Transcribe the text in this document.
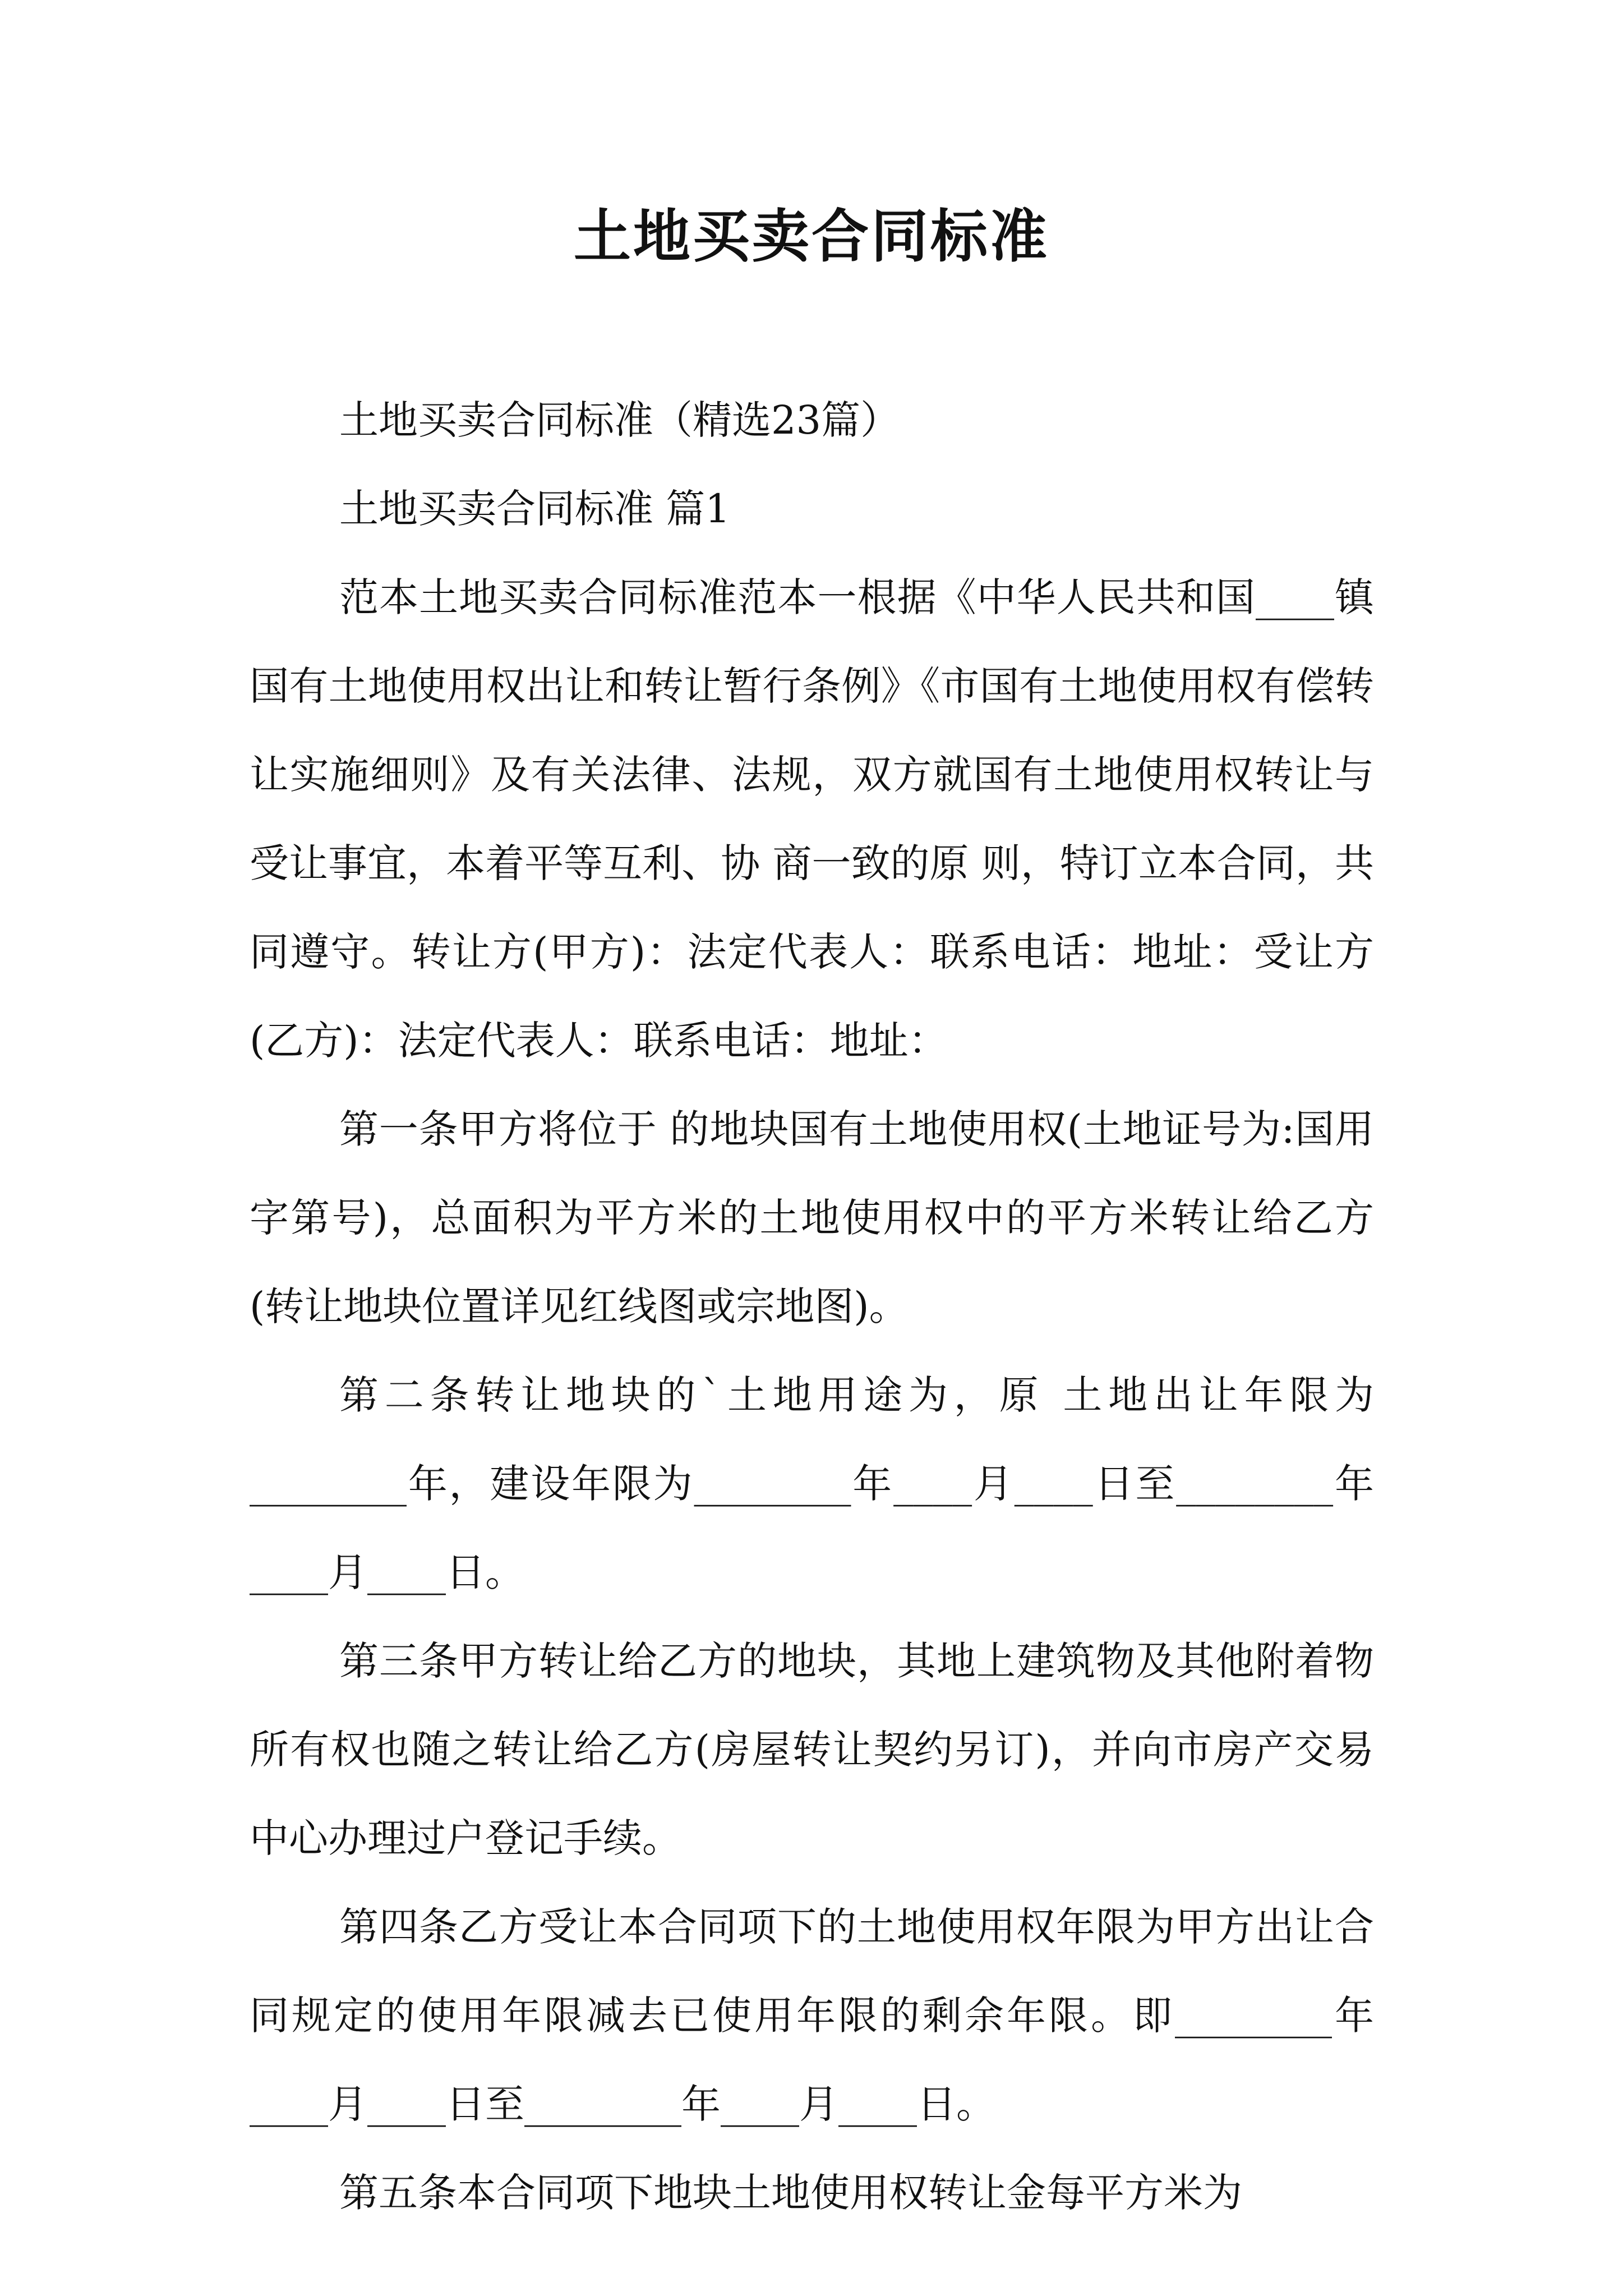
土地买卖合同标准

土地买卖合同标准（精选23篇）

土地买卖合同标准 篇1

范本土地买卖合同标准范本一根据《中华人民共和国____镇国有土地使用权出让和转让暂行条例》《市国有土地使用权有偿转让实施细则》及有关法律、法规，双方就国有土地使用权转让与受让事宜，本着平等互利、协 商一致的原 则，特订立本合同，共同遵守。转让方(甲方)：法定代表人：联系电话：地址：受让方(乙方)：法定代表人：联系电话：地址：

第一条甲方将位于 的地块国有土地使用权(土地证号为:国用字第号)，总面积为平方米的土地使用权中的平方米转让给乙方(转让地块位置详见红线图或宗地图)。

第二条转让地块的`土地用途为，原 土地出让年限为________年，建设年限为________年____月____日至________年____月____日。

第三条甲方转让给乙方的地块，其地上建筑物及其他附着物所有权也随之转让给乙方(房屋转让契约另订)，并向市房产交易中心办理过户登记手续。

第四条乙方受让本合同项下的土地使用权年限为甲方出让合同规定的使用年限减去已使用年限的剩余年限。即________年____月____日至________年____月____日。

第五条本合同项下地块土地使用权转让金每平方米为
